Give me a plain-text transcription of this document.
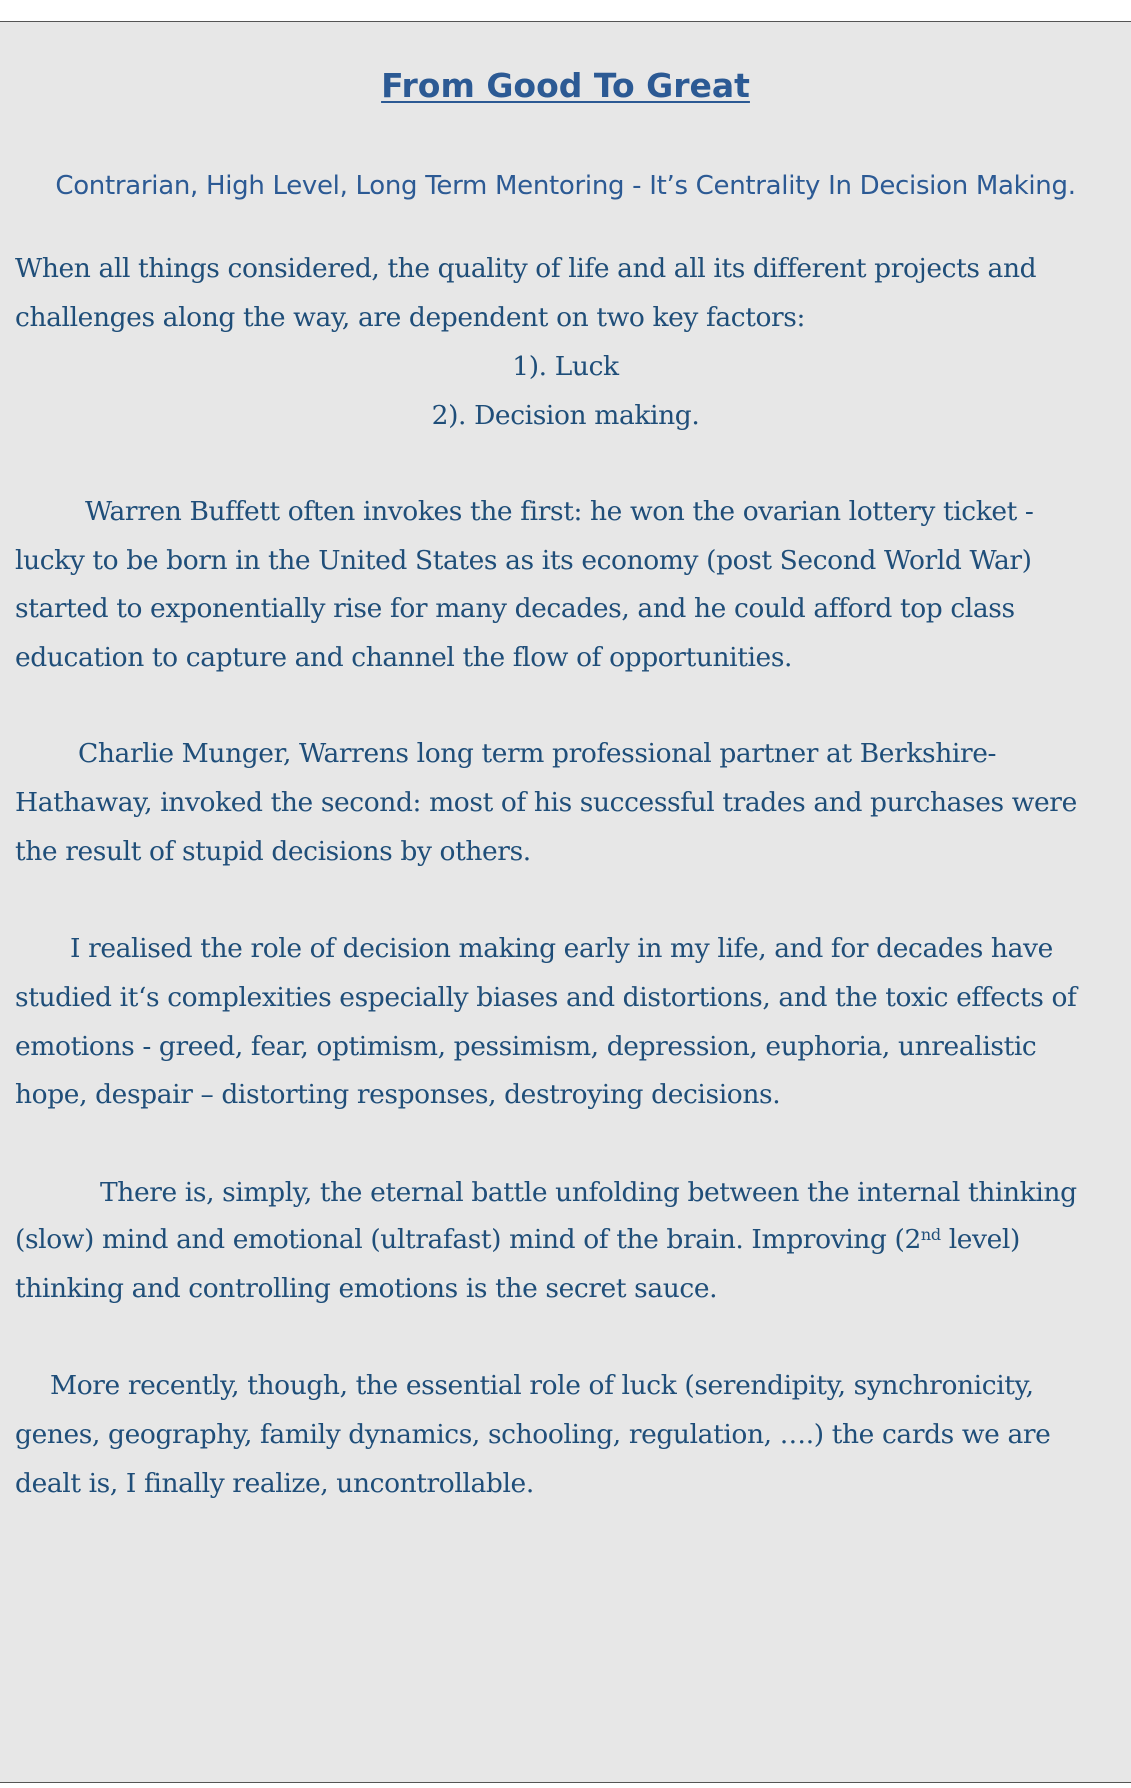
From Good To Great

Contrarian, High Level, Long Term Mentoring - It’s Centrality In Decision Making.

When all things considered, the quality of life and all its different projects and

challenges along the way, are dependent on two key factors:

1). Luck

2). Decision making.

Warren Buffett often invokes the first: he won the ovarian lottery ticket -

lucky to be born in the United States as its economy (post Second World War)

started to exponentially rise for many decades, and he could afford top class

education to capture and channel the flow of opportunities.

Charlie Munger, Warrens long term professional partner at Berkshire-

Hathaway, invoked the second: most of his successful trades and purchases were

the result of stupid decisions by others.

I realised the role of decision making early in my life, and for decades have

studied it‘s complexities especially biases and distortions, and the toxic effects of

emotions - greed, fear, optimism, pessimism, depression, euphoria, unrealistic

hope, despair – distorting responses, destroying decisions.

There is, simply, the eternal battle unfolding between the internal thinking

(slow) mind and emotional (ultrafast) mind of the brain. Improving (2nd level)

thinking and controlling emotions is the secret sauce.

More recently, though, the essential role of luck (serendipity, synchronicity,

genes, geography, family dynamics, schooling, regulation, ….) the cards we are

dealt is, I finally realize, uncontrollable.
